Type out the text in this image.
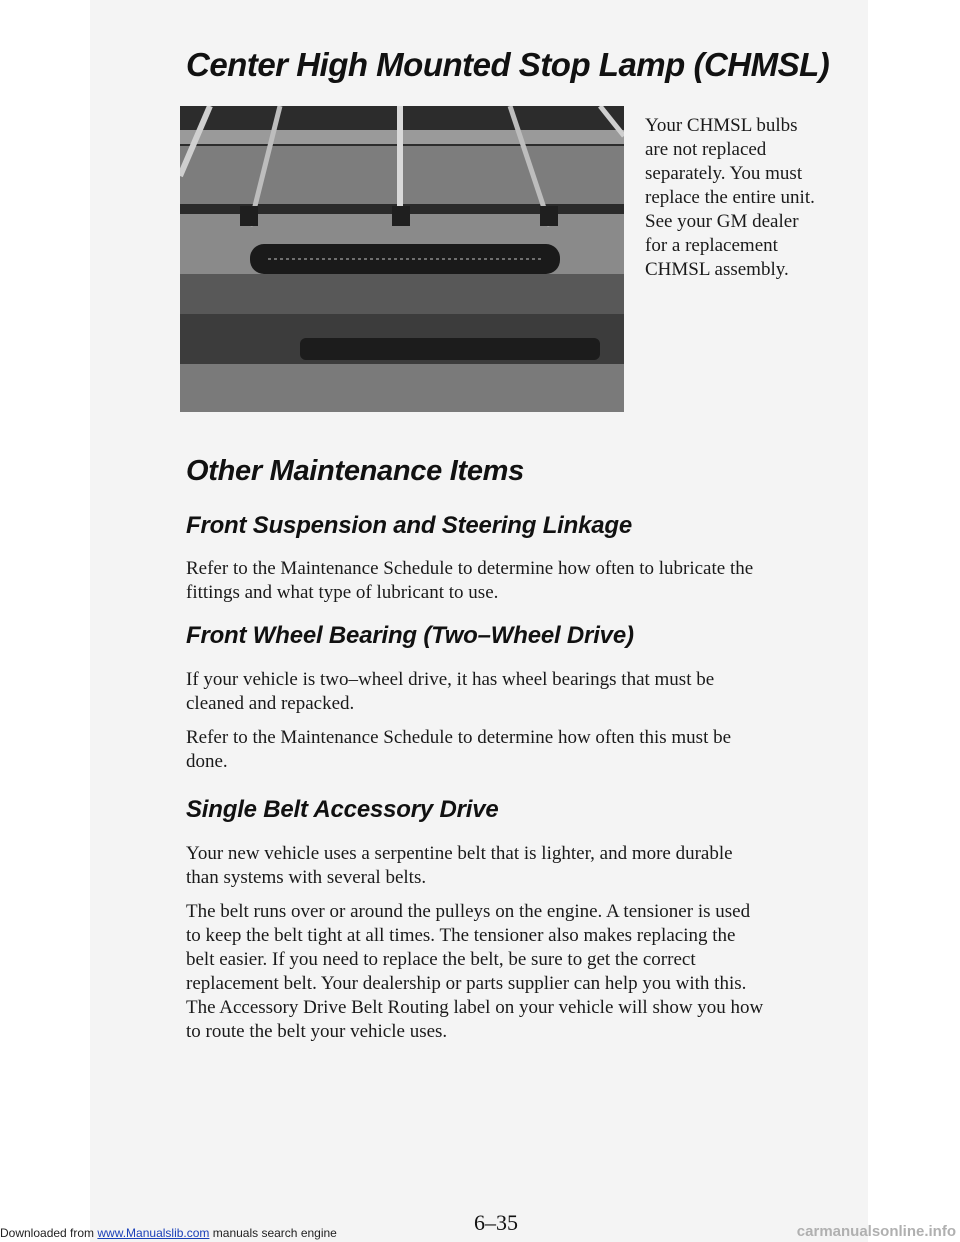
Center High Mounted Stop Lamp (CHMSL)
Your CHMSL bulbs
are not replaced
separately. You must
replace the entire unit.
See your GM dealer
for a replacement
CHMSL assembly.
Other Maintenance Items
Front Suspension and Steering Linkage
Refer to the Maintenance Schedule to determine how often to lubricate the
fittings and what type of lubricant to use.
Front Wheel Bearing (Two–Wheel Drive)
If your vehicle is two–wheel drive, it has wheel bearings that must be
cleaned and repacked.
Refer to the Maintenance Schedule to determine how often this must be
done.
Single Belt Accessory Drive
Your new vehicle uses a serpentine belt that is lighter, and more durable
than systems with several belts.
The belt runs over or around the pulleys on the engine. A tensioner is used
to keep the belt tight at all times. The tensioner also makes replacing the
belt easier. If you need to replace the belt, be sure to get the correct
replacement belt. Your dealership or parts supplier can help you with this.
The Accessory Drive Belt Routing label on your vehicle will show you how
to route the belt your vehicle uses.

6–35

Downloaded from www.Manualslib.com manuals search engine	carmanualsonline.info
